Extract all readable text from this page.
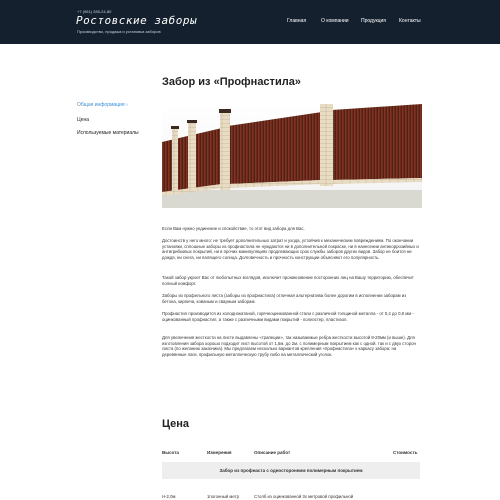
+7 (961) 285-24-80
Ростовские заборы
Производство, продажа и установка заборов
Главная	О компании Продукция	Контакты
Забор из «Профнастила»
Общая информация ›
Цена
Используемые материалы

Если Вам нужно уединение и спокойствие, то этот вид забора для Вас.

Достоинств у него много: не требует дополнительных затрат и ухода, устойчив к механическим повреждениям. По окончании установки, сплошные заборы из профнастила не нуждаются ни в дополнительной покраске, ни в нанесении антикоррозийных и антигрибковых покрытий, ни в прочих манипуляциях продлевающих срок службы заборов других видов. Забор не боится ни дождя, ни снега, ни палящего солнца. Долговечность и прочность конструкции объясняют его популярность.

Такой забор укроет Вас от любопытных взглядов, исключит проникновение посторонних лиц на Вашу территорию, обеспечит полный комфорт.

Заборы из профельного листа (заборы из профнастила) отличная альтернатива более дорогим в исполнении заборам из бетона, кирпича, кованым и сварным заборам.

Профнастил производится из холоднокатаной, горячеоцинкованной стали с различной толщиной металла - от 0,4 до 0,8 мм - оцинкованный профнастил, а также с различными видами покрытий - полиэстер, пластизол.

Для увеличения жесткости на листе выдавлены «трапеции», так называемые ребра жесткости высотой 8-20мм (и выше). Для изготовления забора хорошо подходит лист высотой от 1,5м. до 2м. с полимерным покрытием как с одной, так и с двух сторон листа (по желанию заказчика). Мы предлагаем несколько вариантов крепления «профнастила» к каркасу забора: на деревянные лаги, профильную металлическую трубу либо на металлический уголок.

Цена
Высота	Измерения	Описание работ	Стоимость
Забор из профнаста с односторонним полимерным покрытием
Н-2,0м	1погонный метр	Столб из оцинкованной 3х метровой профильной
